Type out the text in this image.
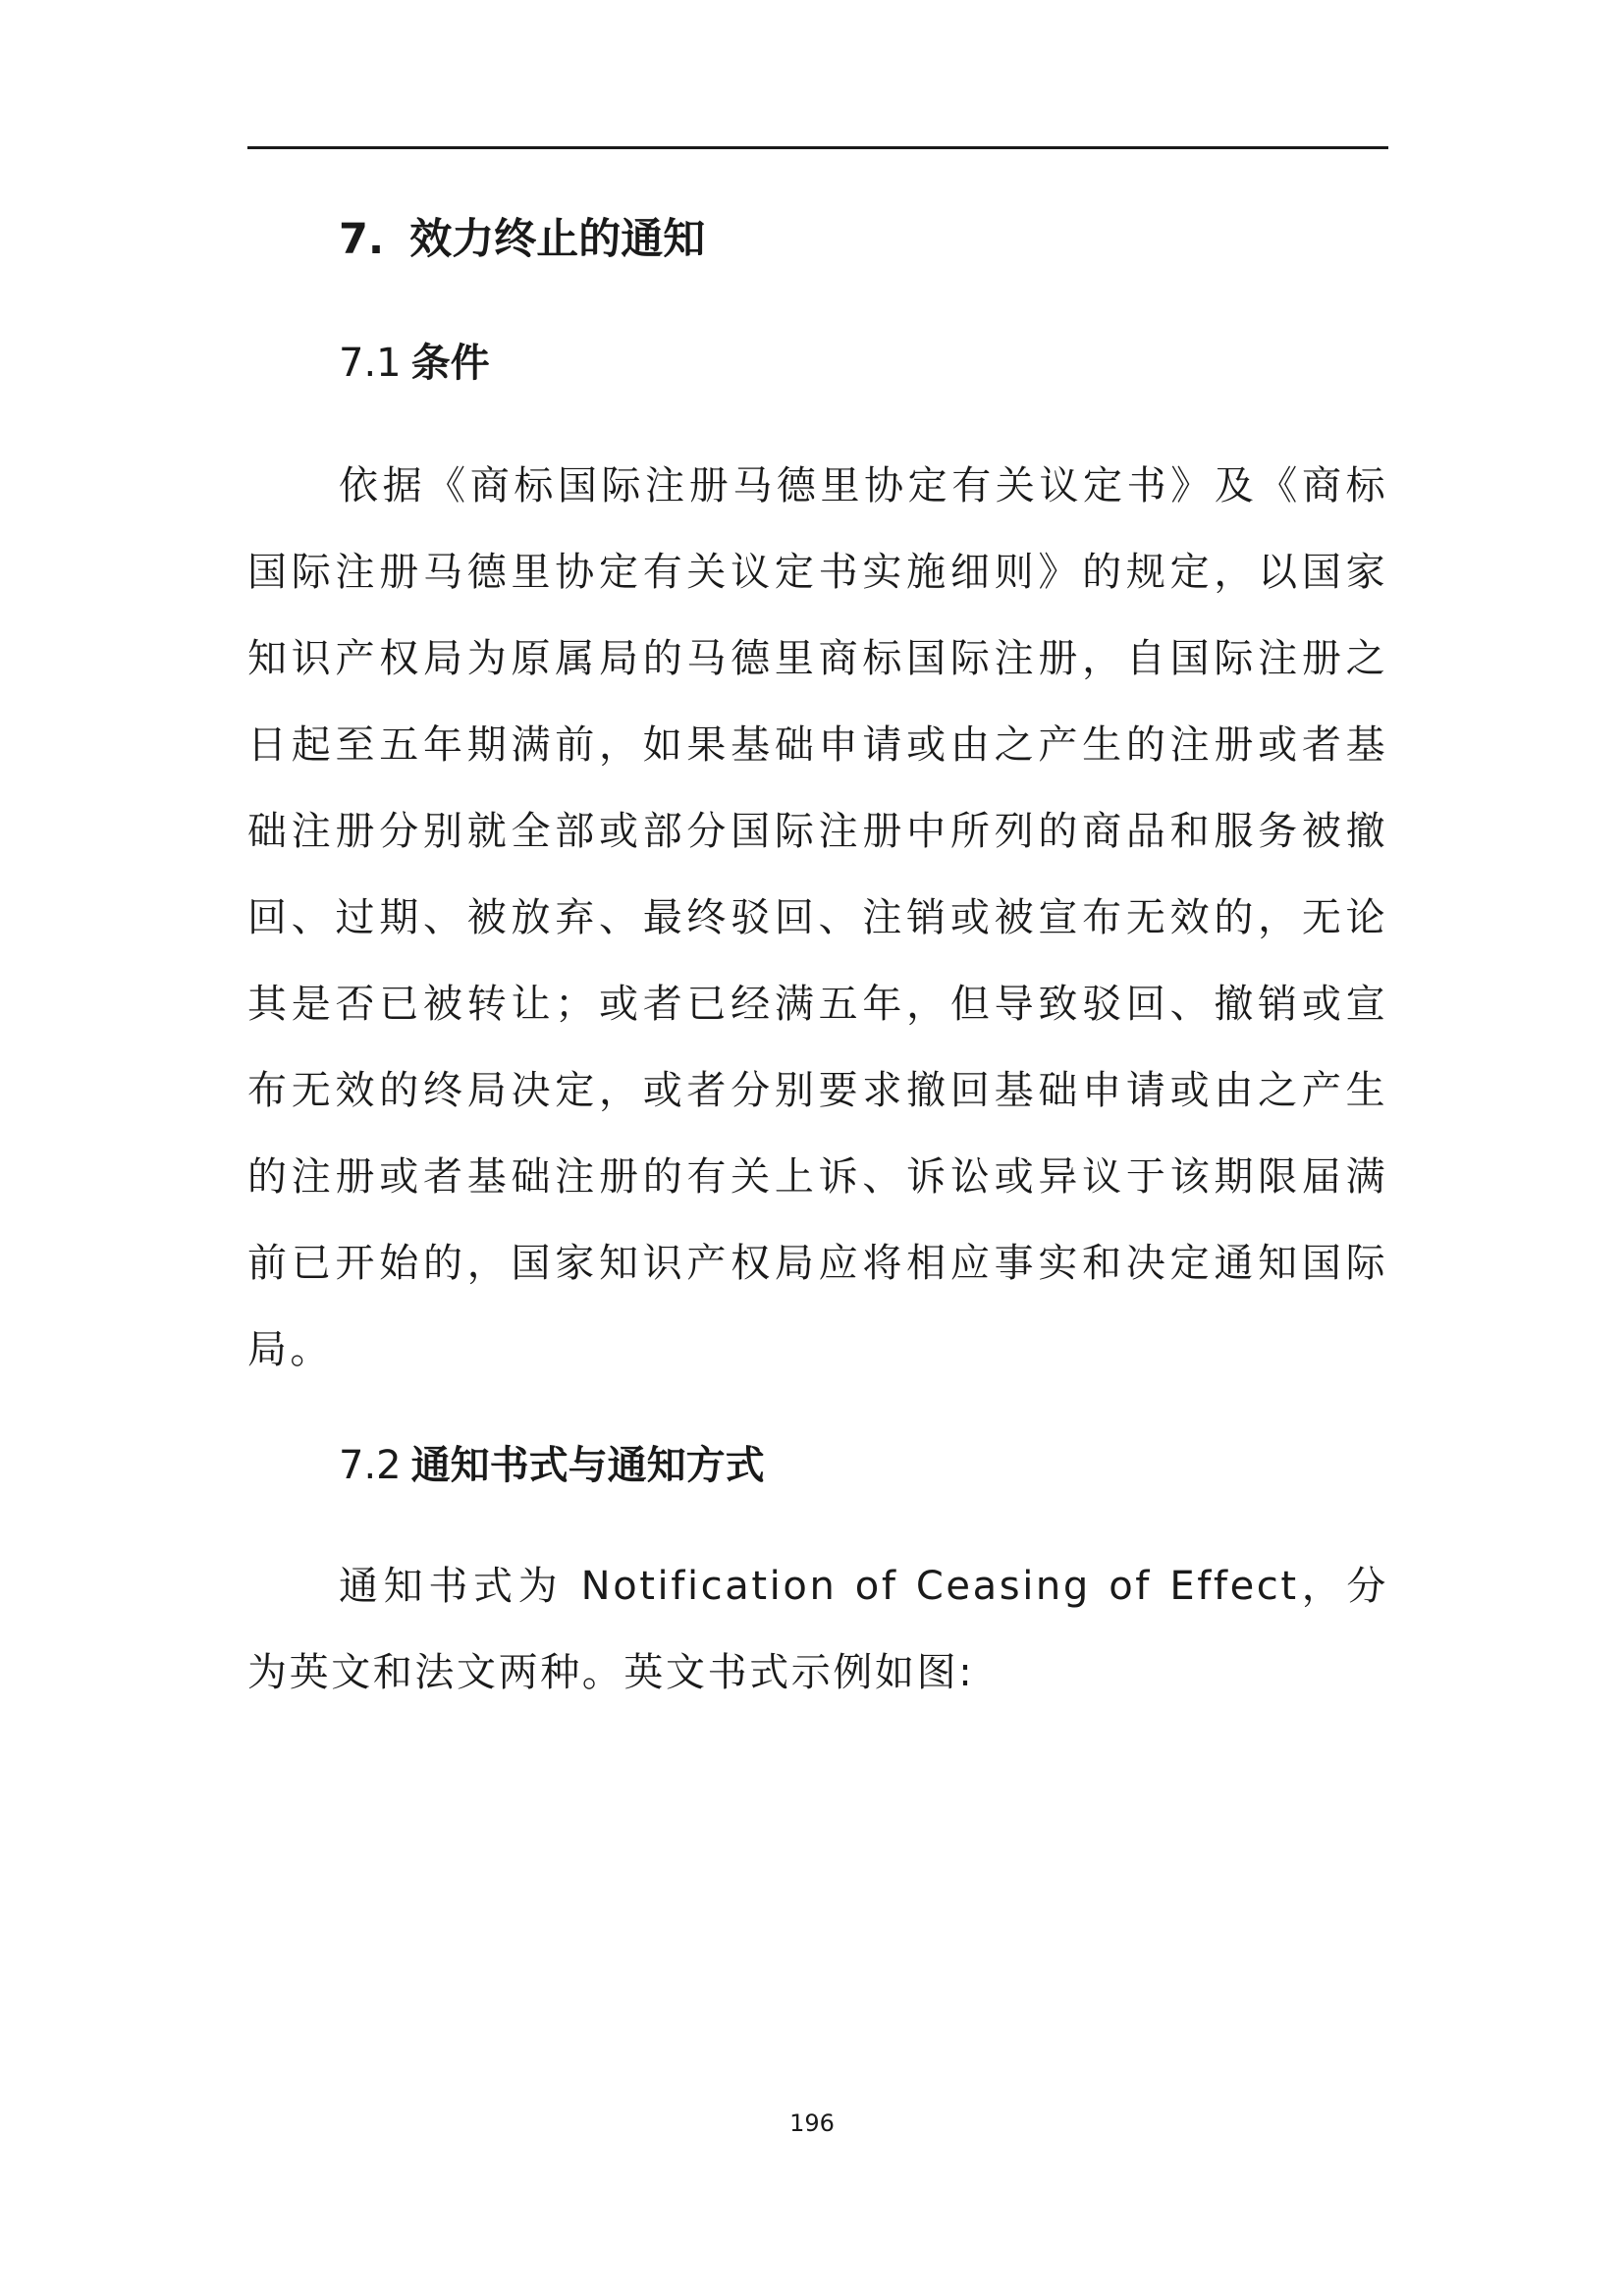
7. 效力终止的通知
7.1 条件

依据《商标国际注册马德里协定有关议定书》及《商标国际注册马德里协定有关议定书实施细则》的规定，以国家知识产权局为原属局的马德里商标国际注册，自国际注册之日起至五年期满前，如果基础申请或由之产生的注册或者基础注册分别就全部或部分国际注册中所列的商品和服务被撤回、过期、被放弃、最终驳回、注销或被宣布无效的，无论其是否已被转让；或者已经满五年，但导致驳回、撤销或宣布无效的终局决定，或者分别要求撤回基础申请或由之产生的注册或者基础注册的有关上诉、诉讼或异议于该期限届满前已开始的，国家知识产权局应将相应事实和决定通知国际局。

7.2 通知书式与通知方式

通知书式为 Notification of Ceasing of Effect，分为英文和法文两种。英文书式示例如图:

196
